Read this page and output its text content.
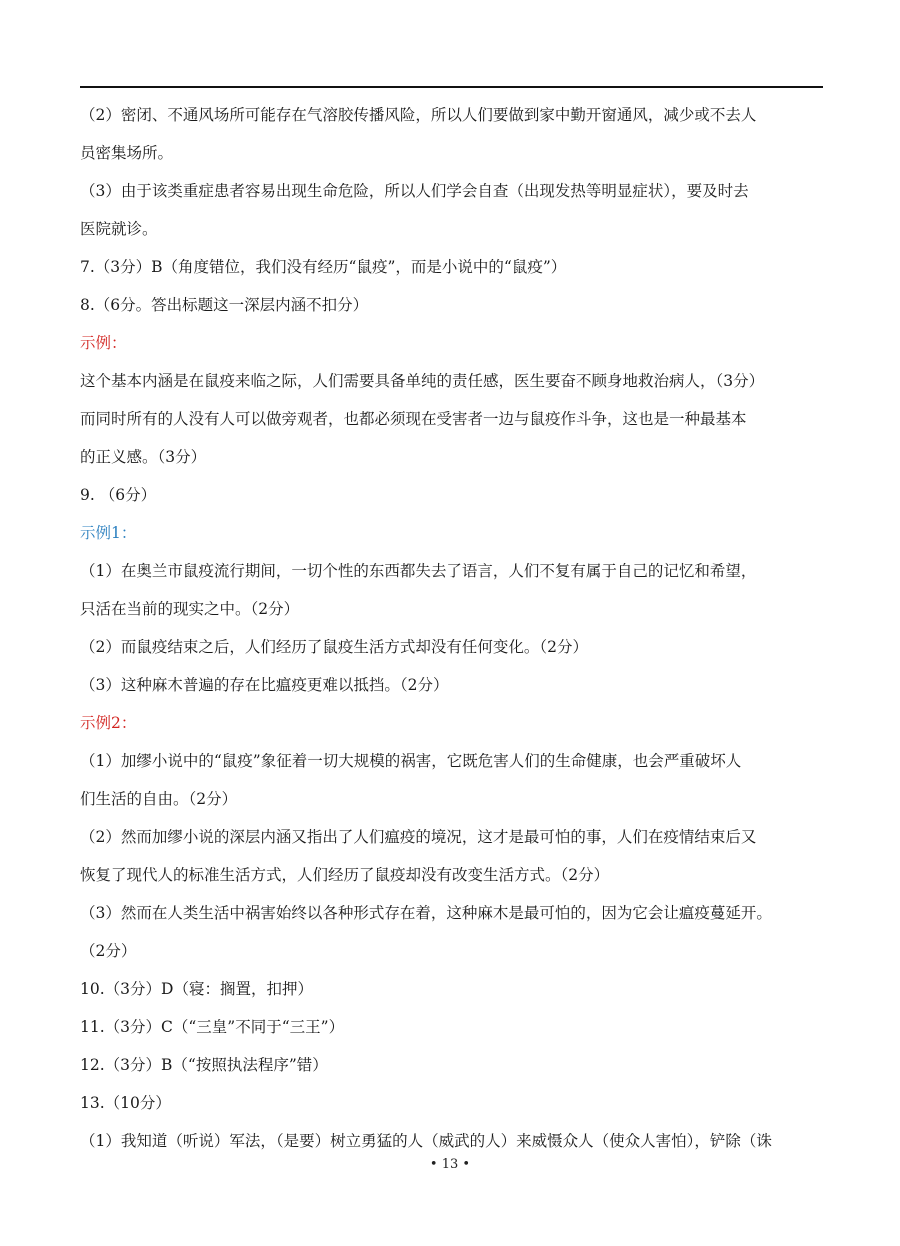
（2）密闭、不通风场所可能存在气溶胶传播风险，所以人们要做到家中勤开窗通风，减少或不去人

员密集场所。

（3）由于该类重症患者容易出现生命危险，所以人们学会自查（出现发热等明显症状），要及时去

医院就诊。

7.（3分）B（角度错位，我们没有经历“鼠疫”，而是小说中的“鼠疫”）

8.（6分。答出标题这一深层内涵不扣分）

示例：

这个基本内涵是在鼠疫来临之际，人们需要具备单纯的责任感，医生要奋不顾身地救治病人，（3分）

而同时所有的人没有人可以做旁观者，也都必须现在受害者一边与鼠疫作斗争，这也是一种最基本

的正义感。（3分）

9. （6分）

示例1：

（1）在奥兰市鼠疫流行期间，一切个性的东西都失去了语言，人们不复有属于自己的记忆和希望，

只活在当前的现实之中。（2分）

（2）而鼠疫结束之后，人们经历了鼠疫生活方式却没有任何变化。（2分）

（3）这种麻木普遍的存在比瘟疫更难以抵挡。（2分）

示例2：

（1）加缪小说中的“鼠疫”象征着一切大规模的祸害，它既危害人们的生命健康，也会严重破坏人

们生活的自由。（2分）

（2）然而加缪小说的深层内涵又指出了人们瘟疫的境况，这才是最可怕的事，人们在疫情结束后又

恢复了现代人的标准生活方式，人们经历了鼠疫却没有改变生活方式。（2分）

（3）然而在人类生活中祸害始终以各种形式存在着，这种麻木是最可怕的，因为它会让瘟疫蔓延开。

（2分）

10.（3分）D（寝：搁置，扣押）

11.（3分）C（“三皇”不同于“三王”）

12.（3分）B（“按照执法程序”错）

13.（10分）

（1）我知道（听说）军法，（是要）树立勇猛的人（威武的人）来威慑众人（使众人害怕），铲除（诛

• 13 •
